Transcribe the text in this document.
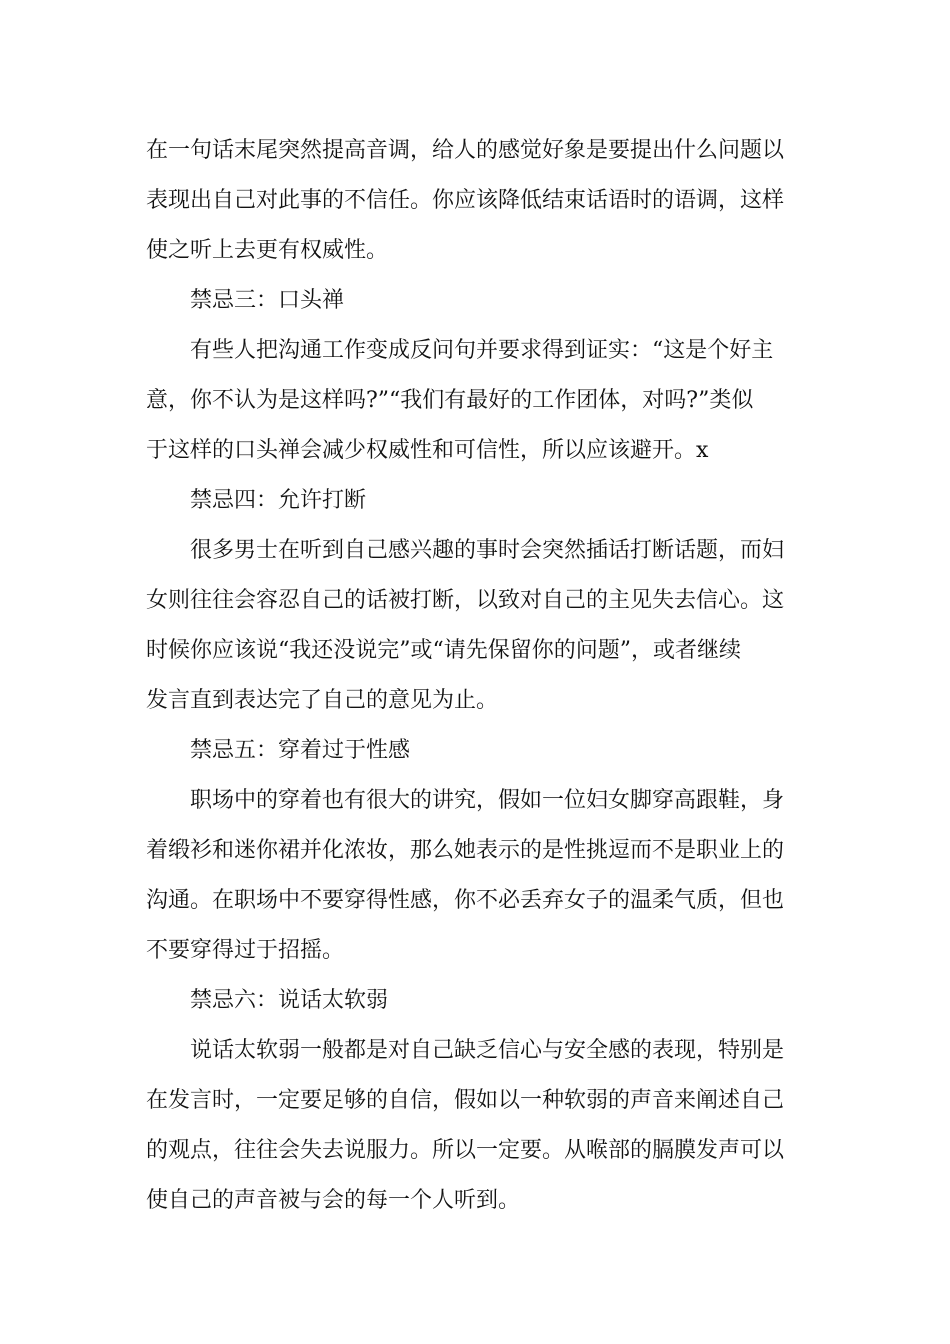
在一句话末尾突然提高音调，给人的感觉好象是要提出什么问题以
表现出自己对此事的不信任。你应该降低结束话语时的语调，这样
使之听上去更有权威性。
禁忌三：口头禅
有些人把沟通工作变成反问句并要求得到证实：“这是个好主
意，你不认为是这样吗?”“我们有最好的工作团体，对吗?”类似
于这样的口头禅会减少权威性和可信性，所以应该避开。x
禁忌四：允许打断
很多男士在听到自己感兴趣的事时会突然插话打断话题，而妇
女则往往会容忍自己的话被打断，以致对自己的主见失去信心。这
时候你应该说“我还没说完”或“请先保留你的问题”，或者继续
发言直到表达完了自己的意见为止。
禁忌五：穿着过于性感
职场中的穿着也有很大的讲究，假如一位妇女脚穿高跟鞋，身
着缎衫和迷你裙并化浓妆，那么她表示的是性挑逗而不是职业上的
沟通。在职场中不要穿得性感，你不必丢弃女子的温柔气质，但也
不要穿得过于招摇。
禁忌六：说话太软弱
说话太软弱一般都是对自己缺乏信心与安全感的表现，特别是
在发言时，一定要足够的自信，假如以一种软弱的声音来阐述自己
的观点，往往会失去说服力。所以一定要。从喉部的膈膜发声可以
使自己的声音被与会的每一个人听到。
